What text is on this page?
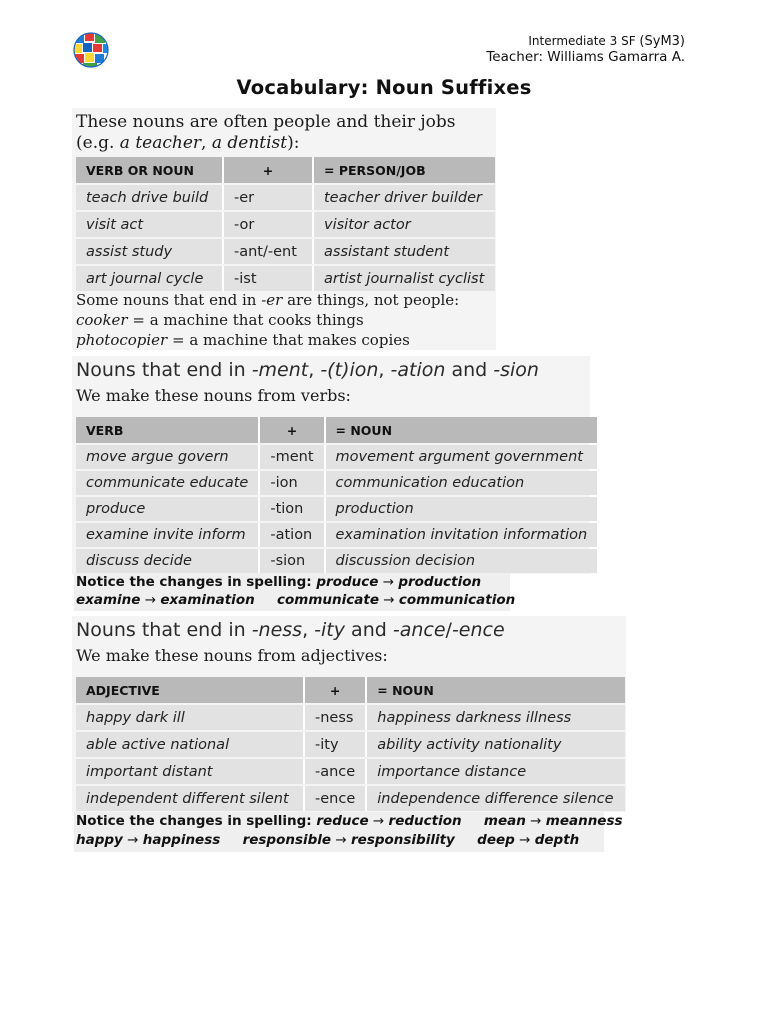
Intermediate 3 SF (SyM3)
Teacher: Williams Gamarra A.
Vocabulary: Noun Suffixes
These nouns are often people and their jobs
(e.g. a teacher, a dentist):
VERB OR NOUN	+	= PERSON/JOB
teach drive build	-er	teacher driver builder
visit act	-or	visitor actor
assist study	-ant/-ent	assistant student
art journal cycle	-ist	artist journalist cyclist
Some nouns that end in -er are things, not people:
cooker = a machine that cooks things
photocopier = a machine that makes copies
Nouns that end in -ment, -(t)ion, -ation and -sion
We make these nouns from verbs:
VERB	+	= NOUN
move argue govern	-ment	movement argument government
communicate educate	-ion	communication education
produce	-tion	production
examine invite inform	-ation	examination invitation information
discuss decide	-sion	discussion decision
Notice the changes in spelling: produce → production
examine → examination communicate → communication
Nouns that end in -ness, -ity and -ance/-ence
We make these nouns from adjectives:
ADJECTIVE	+	= NOUN
happy dark ill	-ness	happiness darkness illness
able active national	-ity	ability activity nationality
important distant	-ance	importance distance
independent different silent	-ence	independence difference silence
Notice the changes in spelling: reduce → reduction mean → meanness
happy → happiness responsible → responsibility deep → depth
